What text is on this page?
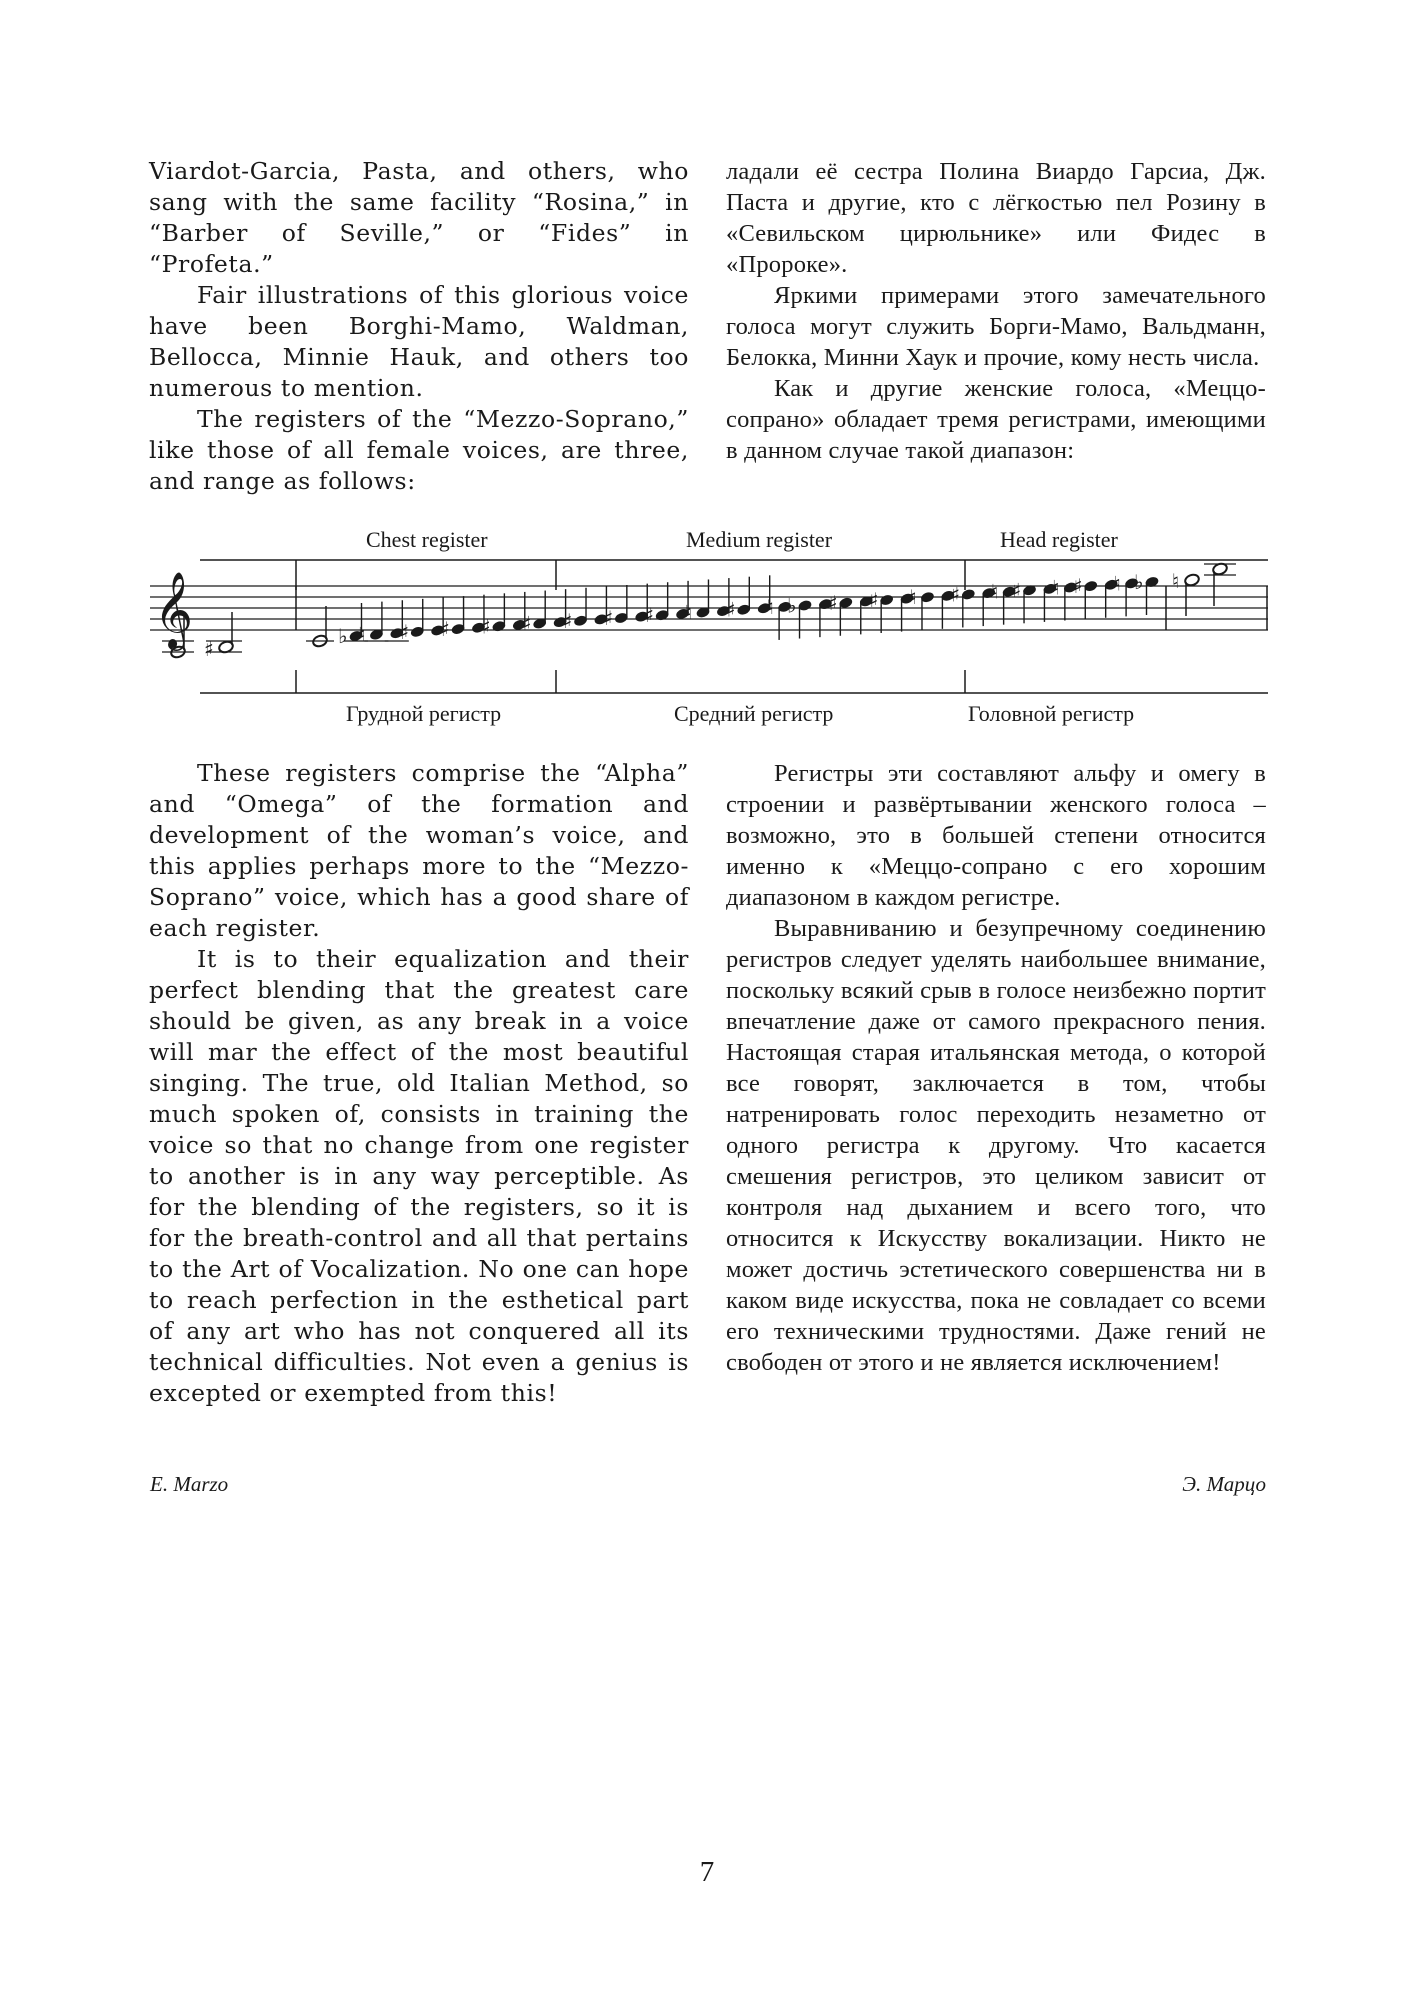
Viardot-Garcia, Pasta, and others, who sang with the same facility “Rosina,” in “Barber of Seville,” or “Fides” in “Profeta.”

Fair illustrations of this glorious voice have been Borghi-Mamo, Waldman, Bellocca, Minnie Hauk, and others too numerous to mention.

The registers of the “Mezzo-Soprano,” like those of all female voices, are three, and range as follows:

ладали её сестра Полина Виардо Гарсиа, Дж. Паста и другие, кто с лёгкостью пел Розину в «Севильском цирюльнике» или Фидес в «Пророке».

Яркими примерами этого замечательного голоса могут служить Борги-Мамо, Вальдманн, Белокка, Минни Хаук и прочие, кому несть числа.

Как и другие женские голоса, «Меццо-сопрано» обладает тремя регистрами, имеющими в данном случае такой диапазон:

Chest register	Medium register	Head register
Грудной регистр	Средний регистр	Головной регистр
𝄞
♯
♭ ♮ ♯ ♯ ♯ ♯ ♯ ♯ ♯ ♮ ♯ ♮ ♭ ♯ ♯ ♮ ♯ ♮ ♯ ♮ ♯ ♮ ♭ ♮

These registers comprise the “Alpha” and “Omega” of the formation and development of the woman’s voice, and this applies perhaps more to the “Mezzo- Soprano” voice, which has a good share of each register.

It is to their equalization and their perfect blending that the greatest care should be given, as any break in a voice will mar the effect of the most beautiful singing. The true, old Italian Method, so much spoken of, consists in training the voice so that no change from one register to another is in any way perceptible. As for the blending of the registers, so it is for the breath-control and all that pertains to the Art of Vocalization. No one can hope to reach perfection in the esthetical part of any art who has not conquered all its technical difficulties. Not even a genius is excepted or exempted from this!

Регистры эти составляют альфу и омегу в строении и развёртывании женского голоса – возможно, это в большей степени относится именно к «Меццо-сопрано с его хорошим диапазоном в каждом регистре.

Выравниванию и безупречному соединению регистров следует уделять наибольшее внимание, поскольку всякий срыв в голосе неизбежно портит впечатление даже от самого прекрасного пения. Настоящая старая итальянская метода, о которой все говорят, заключается в том, чтобы натренировать голос переходить незаметно от одного регистра к другому. Что касается смешения регистров, это целиком зависит от контроля над дыханием и всего того, что относится к Искусству вокализации. Никто не может достичь эстетического совершенства ни в каком виде искусства, пока не совладает со всеми его техническими трудностями. Даже гений не свободен от этого и не является исключением!

E. Marzo	Э. Марцо
7
